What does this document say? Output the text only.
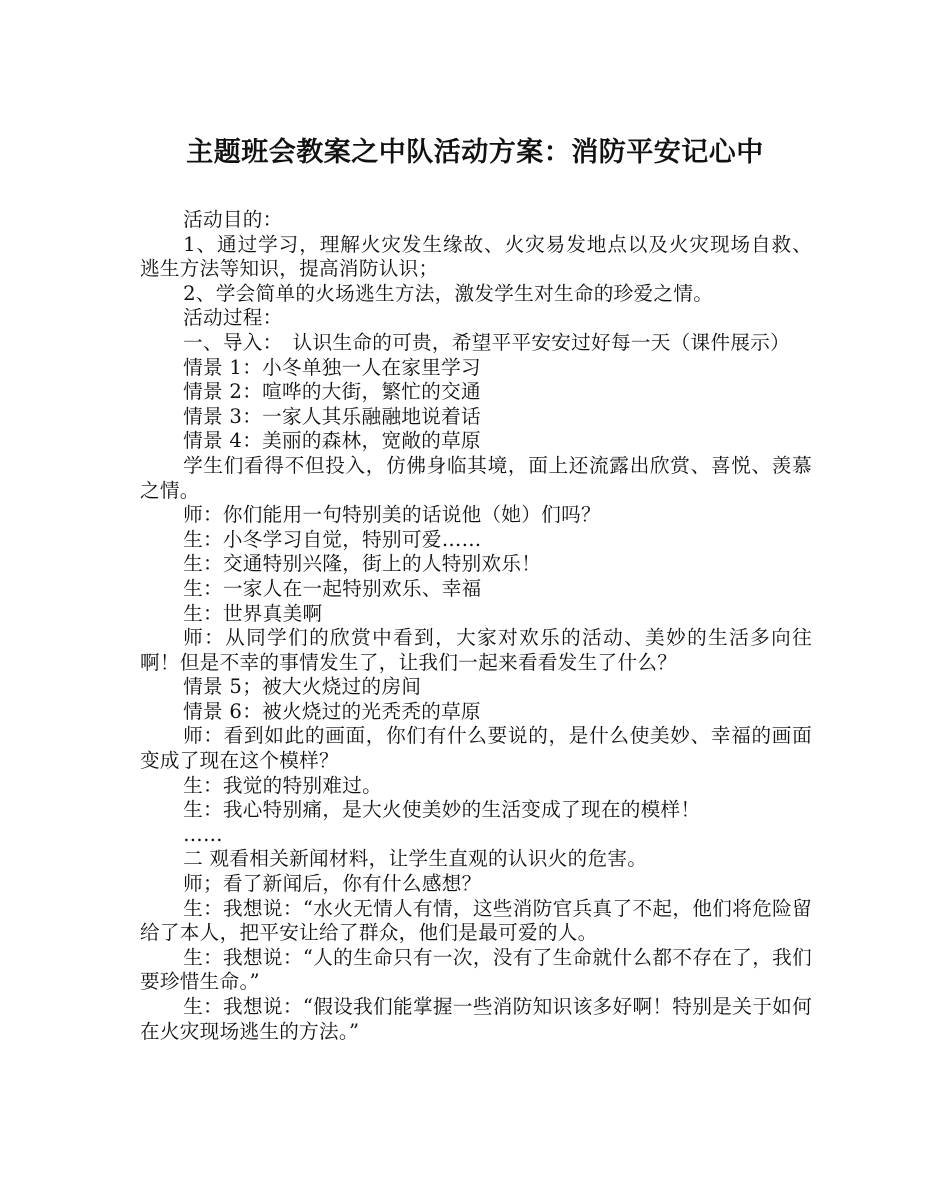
主题班会教案之中队活动方案：消防平安记心中

活动目的：

1、通过学习，理解火灾发生缘故、火灾易发地点以及火灾现场自救、逃生方法等知识，提高消防认识；

2、学会简单的火场逃生方法，激发学生对生命的珍爱之情。

活动过程：

一、导入：　认识生命的可贵，希望平平安安过好每一天（课件展示）

情景 1：小冬单独一人在家里学习

情景 2：喧哗的大街，繁忙的交通

情景 3：一家人其乐融融地说着话

情景 4：美丽的森林，宽敞的草原

学生们看得不但投入，仿佛身临其境，面上还流露出欣赏、喜悦、羡慕之情。

师：你们能用一句特别美的话说他（她）们吗？

生：小冬学习自觉，特别可爱……

生：交通特别兴隆，街上的人特别欢乐！

生：一家人在一起特别欢乐、幸福

生：世界真美啊

师：从同学们的欣赏中看到，大家对欢乐的活动、美妙的生活多向往啊！但是不幸的事情发生了，让我们一起来看看发生了什么？

情景 5；被大火烧过的房间

情景 6：被火烧过的光秃秃的草原

师：看到如此的画面，你们有什么要说的，是什么使美妙、幸福的画面变成了现在这个模样？

生：我觉的特别难过。

生：我心特别痛，是大火使美妙的生活变成了现在的模样！

……

二 观看相关新闻材料，让学生直观的认识火的危害。

师；看了新闻后，你有什么感想？

生：我想说：“水火无情人有情，这些消防官兵真了不起，他们将危险留给了本人，把平安让给了群众，他们是最可爱的人。

生：我想说：“人的生命只有一次，没有了生命就什么都不存在了，我们要珍惜生命。”

生：我想说：“假设我们能掌握一些消防知识该多好啊！特别是关于如何在火灾现场逃生的方法。”
